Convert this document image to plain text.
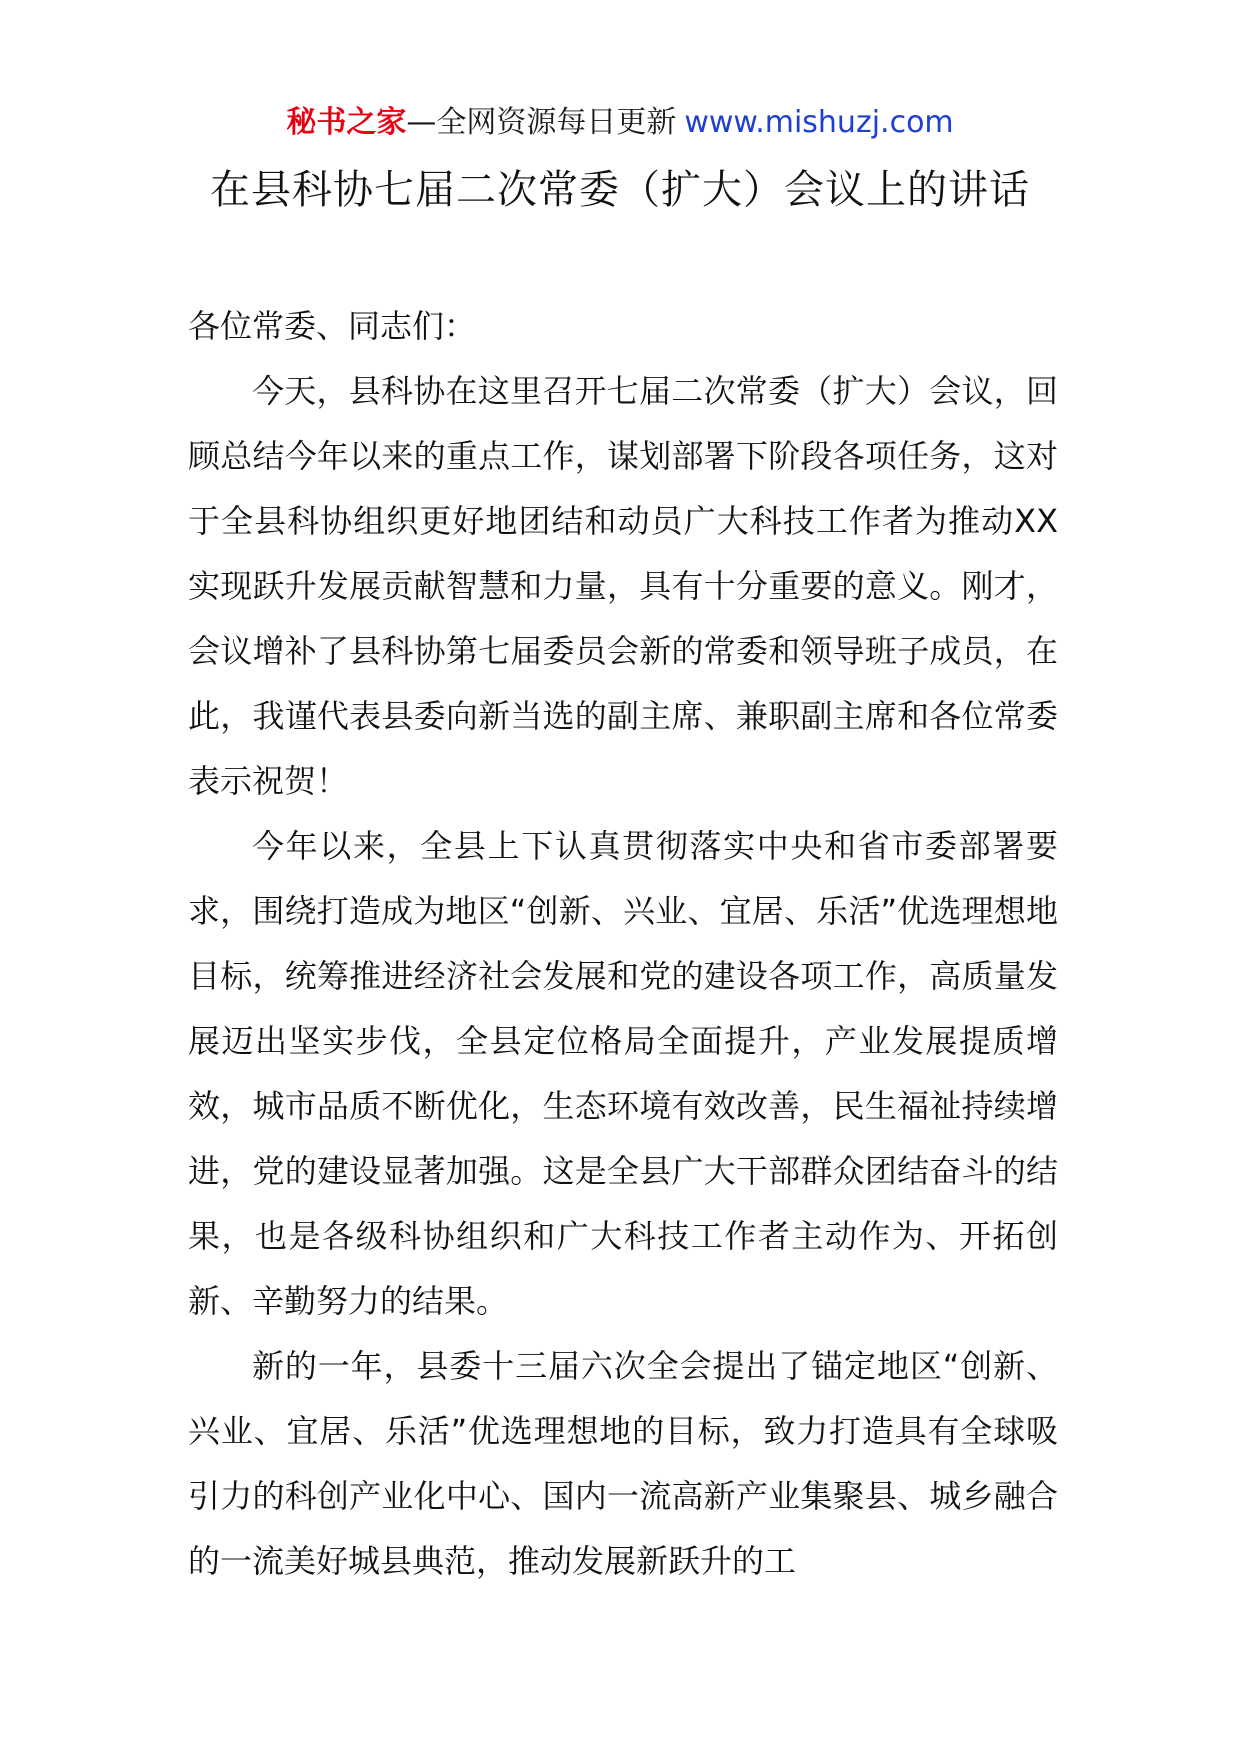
秘书之家—全网资源每日更新 www.mishuzj.com
在县科协七届二次常委（扩大）会议上的讲话

各位常委、同志们：

今天，县科协在这里召开七届二次常委（扩大）会议，回顾总结今年以来的重点工作，谋划部署下阶段各项任务，这对于全县科协组织更好地团结和动员广大科技工作者为推动XX实现跃升发展贡献智慧和力量，具有十分重要的意义。刚才，会议增补了县科协第七届委员会新的常委和领导班子成员，在此，我谨代表县委向新当选的副主席、兼职副主席和各位常委表示祝贺！

今年以来，全县上下认真贯彻落实中央和省市委部署要求，围绕打造成为地区“创新、兴业、宜居、乐活”优选理想地目标，统筹推进经济社会发展和党的建设各项工作，高质量发展迈出坚实步伐，全县定位格局全面提升，产业发展提质增效，城市品质不断优化，生态环境有效改善，民生福祉持续增进，党的建设显著加强。这是全县广大干部群众团结奋斗的结果，也是各级科协组织和广大科技工作者主动作为、开拓创新、辛勤努力的结果。

新的一年，县委十三届六次全会提出了锚定地区“创新、兴业、宜居、乐活”优选理想地的目标，致力打造具有全球吸引力的科创产业化中心、国内一流高新产业集聚县、城乡融合的一流美好城县典范，推动发展新跃升的工
